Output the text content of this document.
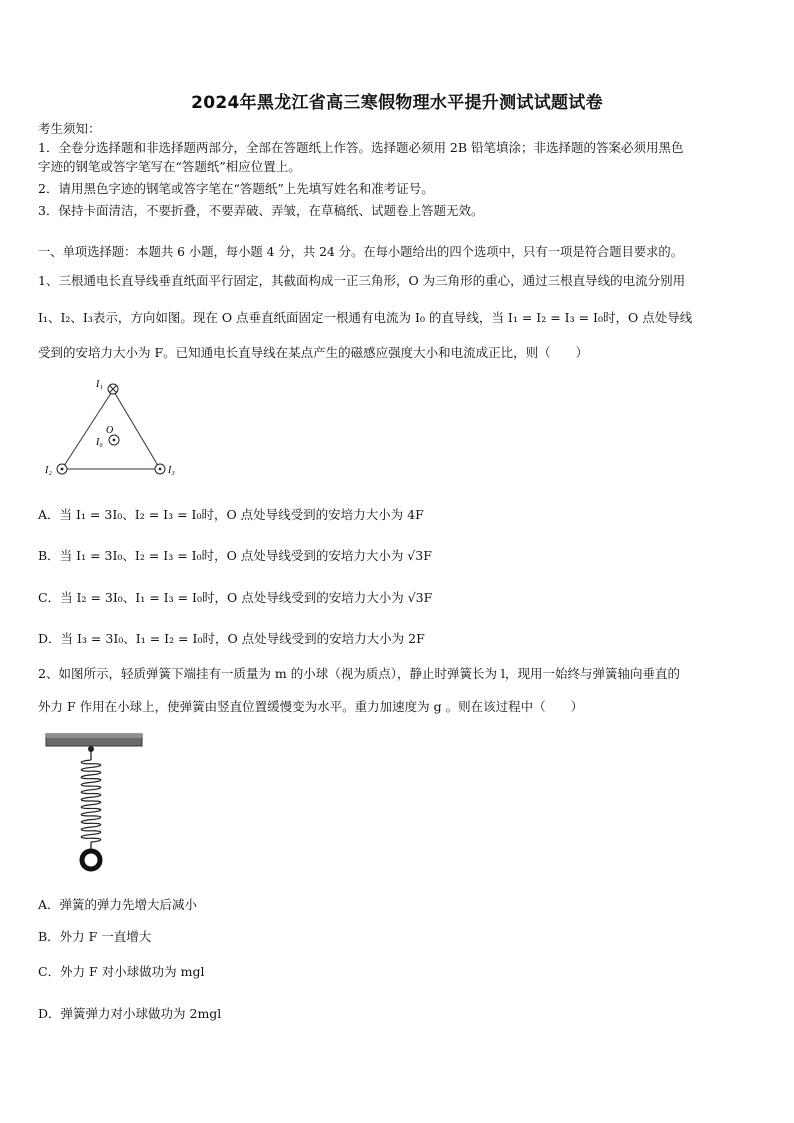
2024年黑龙江省高三寒假物理水平提升测试试题试卷
考生须知：
1．全卷分选择题和非选择题两部分，全部在答题纸上作答。选择题必须用 2B 铅笔填涂；非选择题的答案必须用黑色
字迹的钢笔或答字笔写在“答题纸”相应位置上。
2．请用黑色字迹的钢笔或答字笔在“答题纸”上先填写姓名和准考证号。
3．保持卡面清洁，不要折叠，不要弄破、弄皱，在草稿纸、试题卷上答题无效。
一、单项选择题：本题共 6 小题，每小题 4 分，共 24 分。在每小题给出的四个选项中，只有一项是符合题目要求的。
1、三根通电长直导线垂直纸面平行固定，其截面构成一正三角形，O 为三角形的重心，通过三根直导线的电流分别用
I₁、I₂、I₃表示，方向如图。现在 O 点垂直纸面固定一根通有电流为 I₀ 的直导线，当 I₁ = I₂ = I₃ = I₀时，O 点处导线
受到的安培力大小为 F。已知通电长直导线在某点产生的磁感应强度大小和电流成正比，则（　　）
I₁
I₂	I₃
O
I₀
A．当 I₁ = 3I₀、I₂ = I₃ = I₀时，O 点处导线受到的安培力大小为 4F
B．当 I₁ = 3I₀、I₂ = I₃ = I₀时，O 点处导线受到的安培力大小为 √3F
C．当 I₂ = 3I₀、I₁ = I₃ = I₀时，O 点处导线受到的安培力大小为 √3F
D．当 I₃ = 3I₀、I₁ = I₂ = I₀时，O 点处导线受到的安培力大小为 2F
2、如图所示，轻质弹簧下端挂有一质量为 m 的小球（视为质点），静止时弹簧长为 l，现用一始终与弹簧轴向垂直的
外力 F 作用在小球上，使弹簧由竖直位置缓慢变为水平。重力加速度为 g 。则在该过程中（　　）
A．弹簧的弹力先增大后减小
B．外力 F 一直增大
C．外力 F 对小球做功为 mgl
D．弹簧弹力对小球做功为 2mgl
